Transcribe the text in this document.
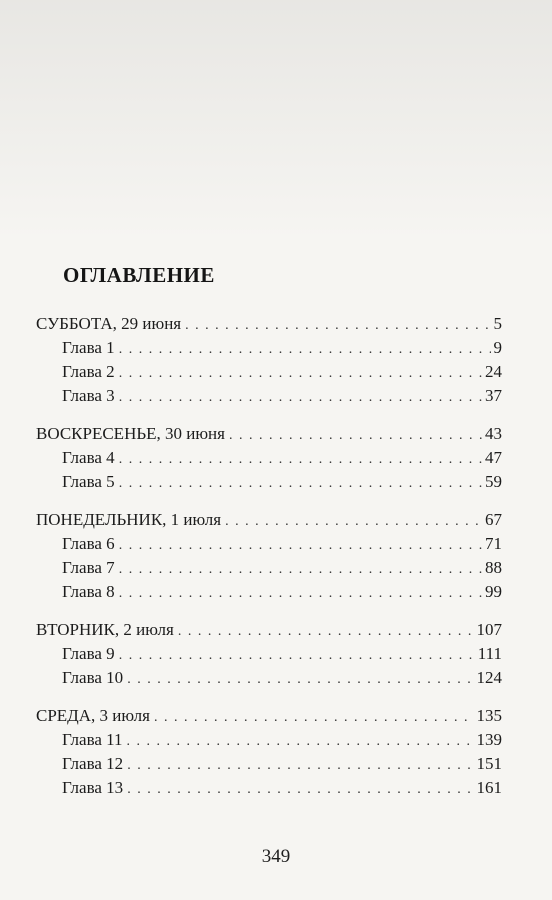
ОГЛАВЛЕНИЕ
СУББОТА, 29 июня . . .	5
Глава 1 . . .	9
Глава 2 . . .	24
Глава 3 . . .	37
ВОСКРЕСЕНЬЕ, 30 июня . . .	43
Глава 4 . . .	47
Глава 5 . . .	59
ПОНЕДЕЛЬНИК, 1 июля . . .	67
Глава 6 . . .	71
Глава 7 . . .	88
Глава 8 . . .	99
ВТОРНИК, 2 июля . . .	107
Глава 9 . . .	111
Глава 10 . . .	124
СРЕДА, 3 июля . . .	135
Глава 11 . . .	139
Глава 12 . . .	151
Глава 13 . . .	161
349
